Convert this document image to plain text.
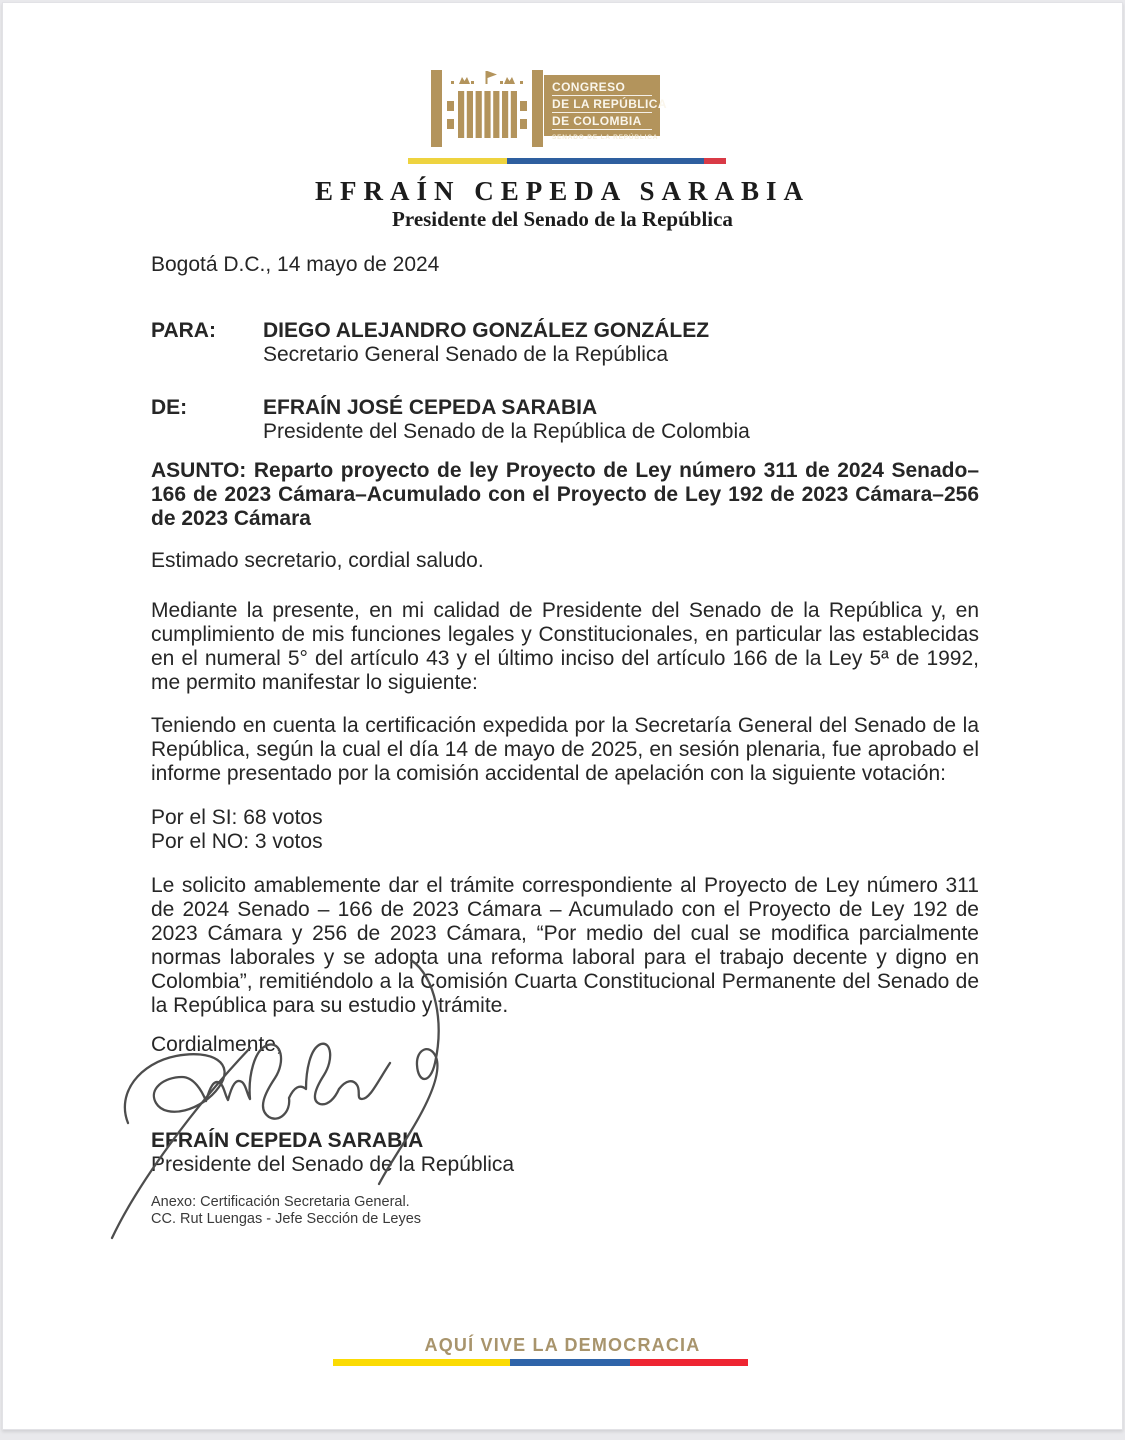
CONGRESO
DE LA REPÚBLICA
DE COLOMBIA
SENADO DE LA REPÚBLICA
EFRAÍN CEPEDA SARABIA
Presidente del Senado de la República
Bogotá D.C., 14 mayo de 2024
PARA:	DIEGO ALEJANDRO GONZÁLEZ GONZÁLEZ
Secretario General Senado de la República
DE:	EFRAÍN JOSÉ CEPEDA SARABIA
Presidente del Senado de la República de Colombia
ASUNTO: Reparto proyecto de ley Proyecto de Ley número 311 de 2024 Senado– 166 de 2023 Cámara–Acumulado con el Proyecto de Ley 192 de 2023 Cámara–256 de 2023 Cámara
Estimado secretario, cordial saludo.
Mediante la presente, en mi calidad de Presidente del Senado de la República y, en cumplimiento de mis funciones legales y Constitucionales, en particular las establecidas en el numeral 5° del artículo 43 y el último inciso del artículo 166 de la Ley 5ª de 1992, me permito manifestar lo siguiente:
Teniendo en cuenta la certificación expedida por la Secretaría General del Senado de la República, según la cual el día 14 de mayo de 2025, en sesión plenaria, fue aprobado el informe presentado por la comisión accidental de apelación con la siguiente votación:
Por el SI: 68 votos
Por el NO: 3 votos
Le solicito amablemente dar el trámite correspondiente al Proyecto de Ley número 311 de 2024 Senado – 166 de 2023 Cámara – Acumulado con el Proyecto de Ley 192 de 2023 Cámara y 256 de 2023 Cámara, “Por medio del cual se modifica parcialmente normas laborales y se adopta una reforma laboral para el trabajo decente y digno en Colombia”, remitiéndolo a la Comisión Cuarta Constitucional Permanente del Senado de la República para su estudio y trámite.
Cordialmente,
EFRAÍN CEPEDA SARABIA
Presidente del Senado de la República
Anexo: Certificación Secretaria General.
CC. Rut Luengas - Jefe Sección de Leyes
AQUÍ VIVE LA DEMOCRACIA
